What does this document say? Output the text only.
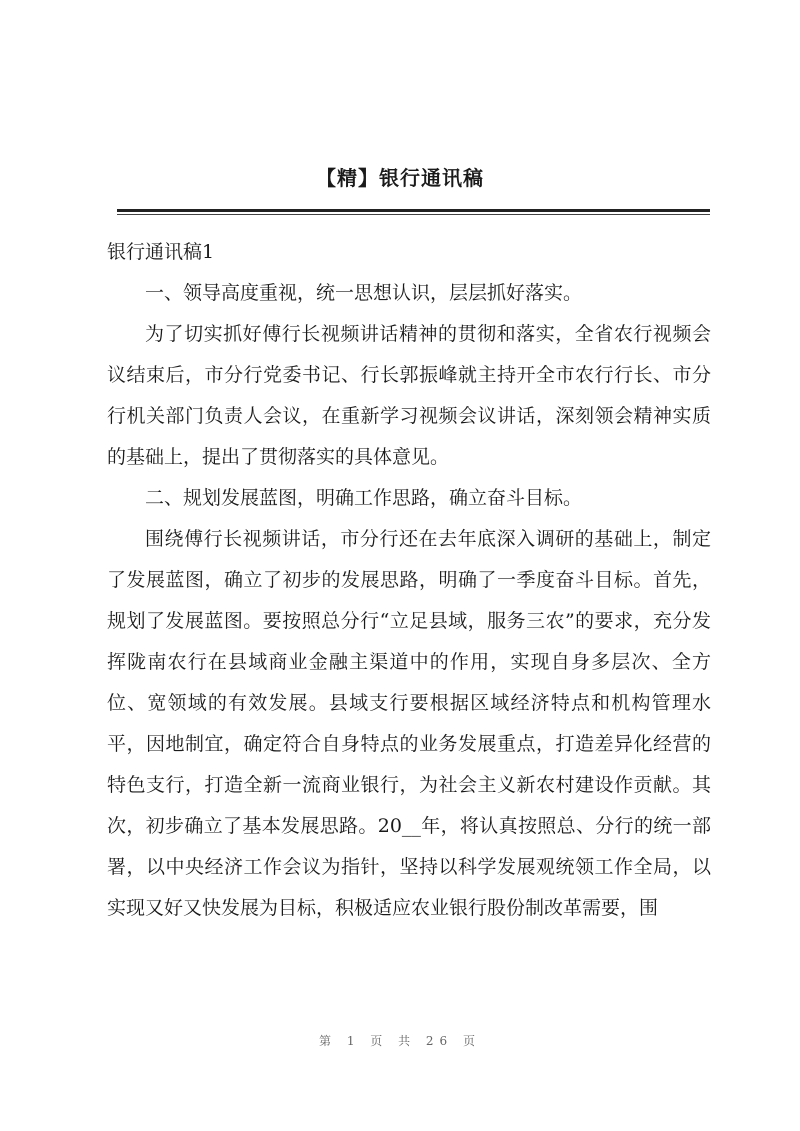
【精】银行通讯稿

银行通讯稿1

一、领导高度重视，统一思想认识，层层抓好落实。

为了切实抓好傅行长视频讲话精神的贯彻和落实，全省农行视频会议结束后，市分行党委书记、行长郭振峰就主持开全市农行行长、市分行机关部门负责人会议，在重新学习视频会议讲话，深刻领会精神实质的基础上，提出了贯彻落实的具体意见。

二、规划发展蓝图，明确工作思路，确立奋斗目标。

围绕傅行长视频讲话，市分行还在去年底深入调研的基础上，制定了发展蓝图，确立了初步的发展思路，明确了一季度奋斗目标。首先，规划了发展蓝图。要按照总分行“立足县域，服务三农”的要求，充分发挥陇南农行在县域商业金融主渠道中的作用，实现自身多层次、全方位、宽领域的有效发展。县域支行要根据区域经济特点和机构管理水平，因地制宜，确定符合自身特点的业务发展重点，打造差异化经营的特色支行，打造全新一流商业银行，为社会主义新农村建设作贡献。其次，初步确立了基本发展思路。20__年，将认真按照总、分行的统一部署，以中央经济工作会议为指针，坚持以科学发展观统领工作全局，以实现又好又快发展为目标，积极适应农业银行股份制改革需要，围

第 1 页 共 26 页
